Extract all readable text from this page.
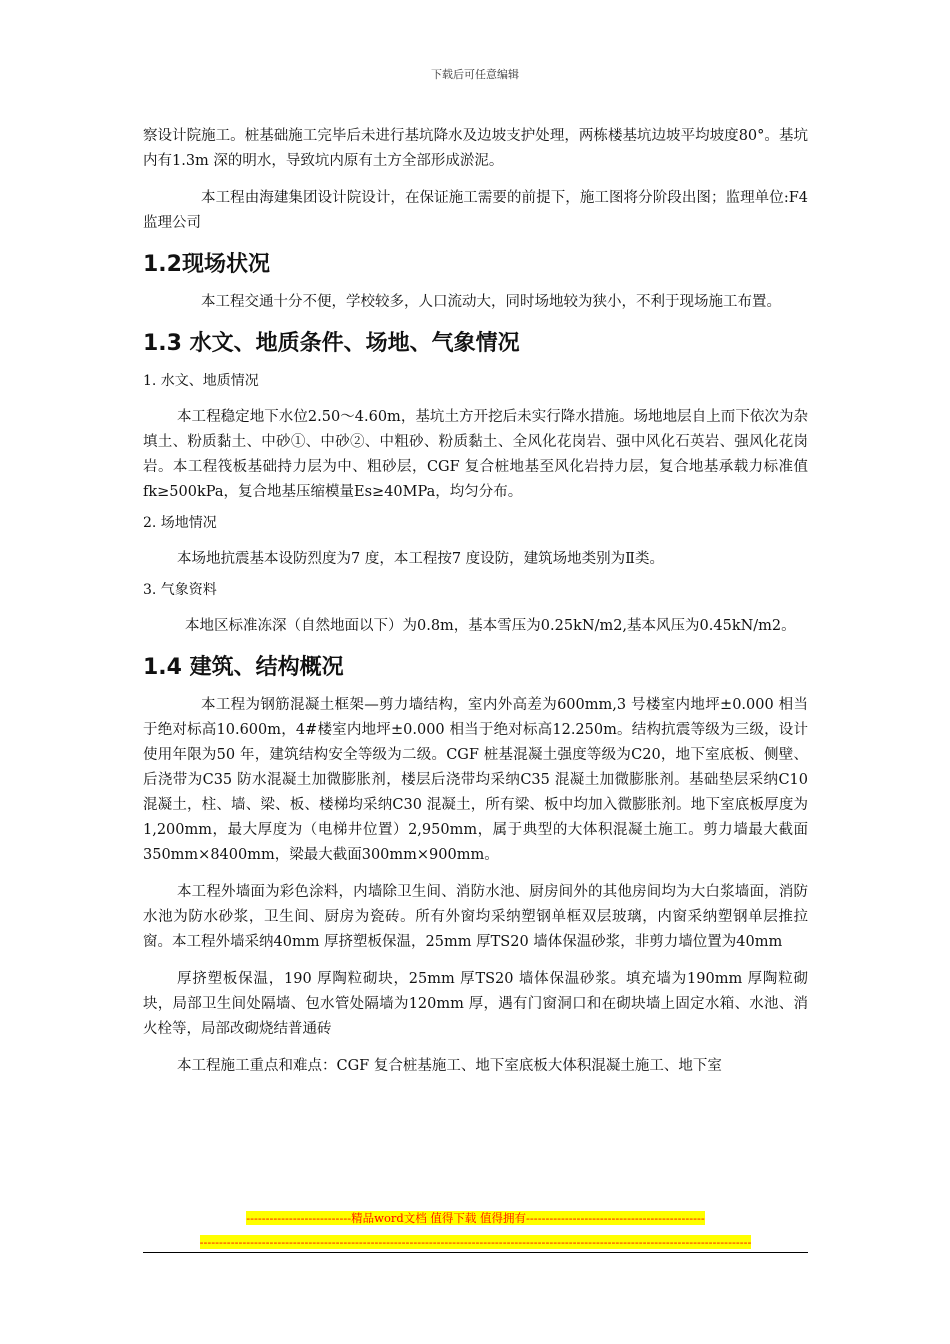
下载后可任意编辑

察设计院施工。桩基础施工完毕后未进行基坑降水及边坡支护处理，两栋楼基坑边坡平均坡度80°。基坑内有1.3m 深的明水，导致坑内原有土方全部形成淤泥。

本工程由海建集团设计院设计，在保证施工需要的前提下，施工图将分阶段出图；监理单位:F4监理公司

1.2现场状况

本工程交通十分不便，学校较多，人口流动大，同时场地较为狭小，不利于现场施工布置。

1.3 水文、地质条件、场地、气象情况

1. 水文、地质情况

本工程稳定地下水位2.50～4.60m，基坑土方开挖后未实行降水措施。场地地层自上而下依次为杂填土、粉质黏土、中砂①、中砂②、中粗砂、粉质黏土、全风化花岗岩、强中风化石英岩、强风化花岗岩。本工程筏板基础持力层为中、粗砂层，CGF 复合桩地基至风化岩持力层，复合地基承载力标准值fk≥500kPa，复合地基压缩模量Es≥40MPa，均匀分布。

2. 场地情况

本场地抗震基本设防烈度为7 度，本工程按7 度设防，建筑场地类别为Ⅱ类。

3. 气象资料

本地区标准冻深（自然地面以下）为0.8m，基本雪压为0.25kN/m2,基本风压为0.45kN/m2。

1.4 建筑、结构概况

本工程为钢筋混凝土框架—剪力墙结构，室内外高差为600mm,3 号楼室内地坪±0.000 相当于绝对标高10.600m，4#楼室内地坪±0.000 相当于绝对标高12.250m。结构抗震等级为三级，设计使用年限为50 年，建筑结构安全等级为二级。CGF 桩基混凝土强度等级为C20，地下室底板、侧壁、后浇带为C35 防水混凝土加微膨胀剂，楼层后浇带均采纳C35 混凝土加微膨胀剂。基础垫层采纳C10 混凝土，柱、墙、梁、板、楼梯均采纳C30 混凝土，所有梁、板中均加入微膨胀剂。地下室底板厚度为1,200mm，最大厚度为（电梯井位置）2,950mm，属于典型的大体积混凝土施工。剪力墙最大截面350mm×8400mm，梁最大截面300mm×900mm。

本工程外墙面为彩色涂料，内墙除卫生间、消防水池、厨房间外的其他房间均为大白浆墙面，消防水池为防水砂浆，卫生间、厨房为瓷砖。所有外窗均采纳塑钢单框双层玻璃，内窗采纳塑钢单层推拉窗。本工程外墙采纳40mm 厚挤塑板保温，25mm 厚TS20 墙体保温砂浆，非剪力墙位置为40mm

厚挤塑板保温，190 厚陶粒砌块，25mm 厚TS20 墙体保温砂浆。填充墙为190mm 厚陶粒砌块，局部卫生间处隔墙、包水管处隔墙为120mm 厚，遇有门窗洞口和在砌块墙上固定水箱、水池、消火栓等，局部改砌烧结普通砖

本工程施工重点和难点：CGF 复合桩基施工、地下室底板大体积混凝土施工、地下室

---------------------------精品word文档 值得下载 值得拥有----------------------------------------------
----------------------------------------------------------------------------------------------------------------------------------------------
